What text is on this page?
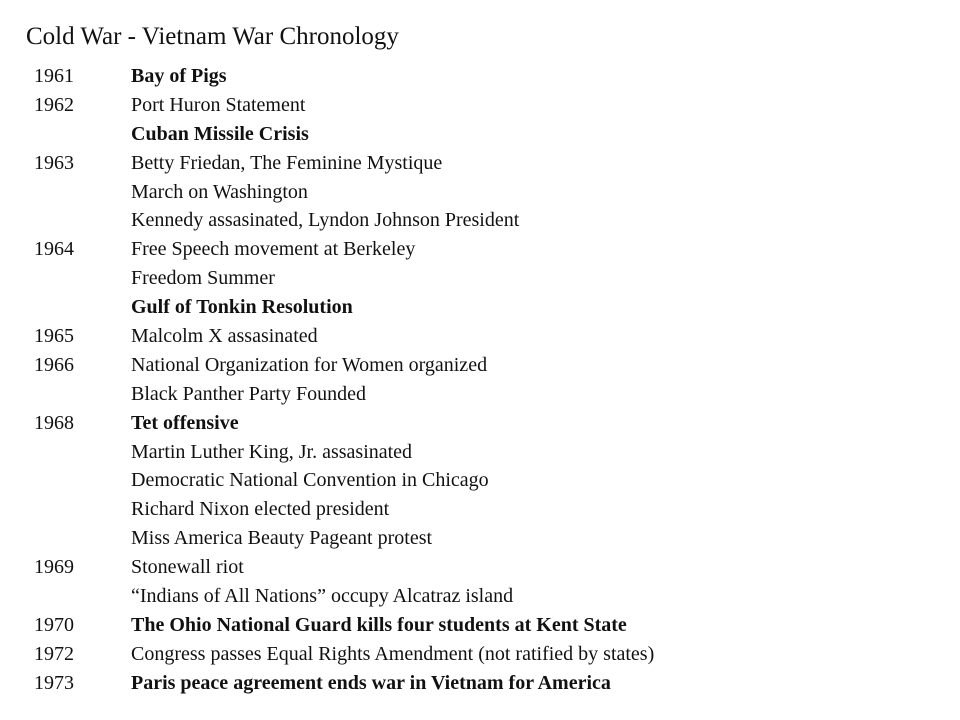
Cold War - Vietnam War Chronology
1961	Bay of Pigs
1962	Port Huron Statement
Cuban Missile Crisis
1963	Betty Friedan, The Feminine Mystique
March on Washington
Kennedy assasinated, Lyndon Johnson President
1964	Free Speech movement at Berkeley
Freedom Summer
Gulf of Tonkin Resolution
1965	Malcolm X assasinated
1966	National Organization for Women organized
Black Panther Party Founded
1968	Tet offensive
Martin Luther King, Jr. assasinated
Democratic National Convention in Chicago
Richard Nixon elected president
Miss America Beauty Pageant protest
1969	Stonewall riot
“Indians of All Nations” occupy Alcatraz island
1970	The Ohio National Guard kills four students at Kent State
1972	Congress passes Equal Rights Amendment (not ratified by states)
1973	Paris peace agreement ends war in Vietnam for America
